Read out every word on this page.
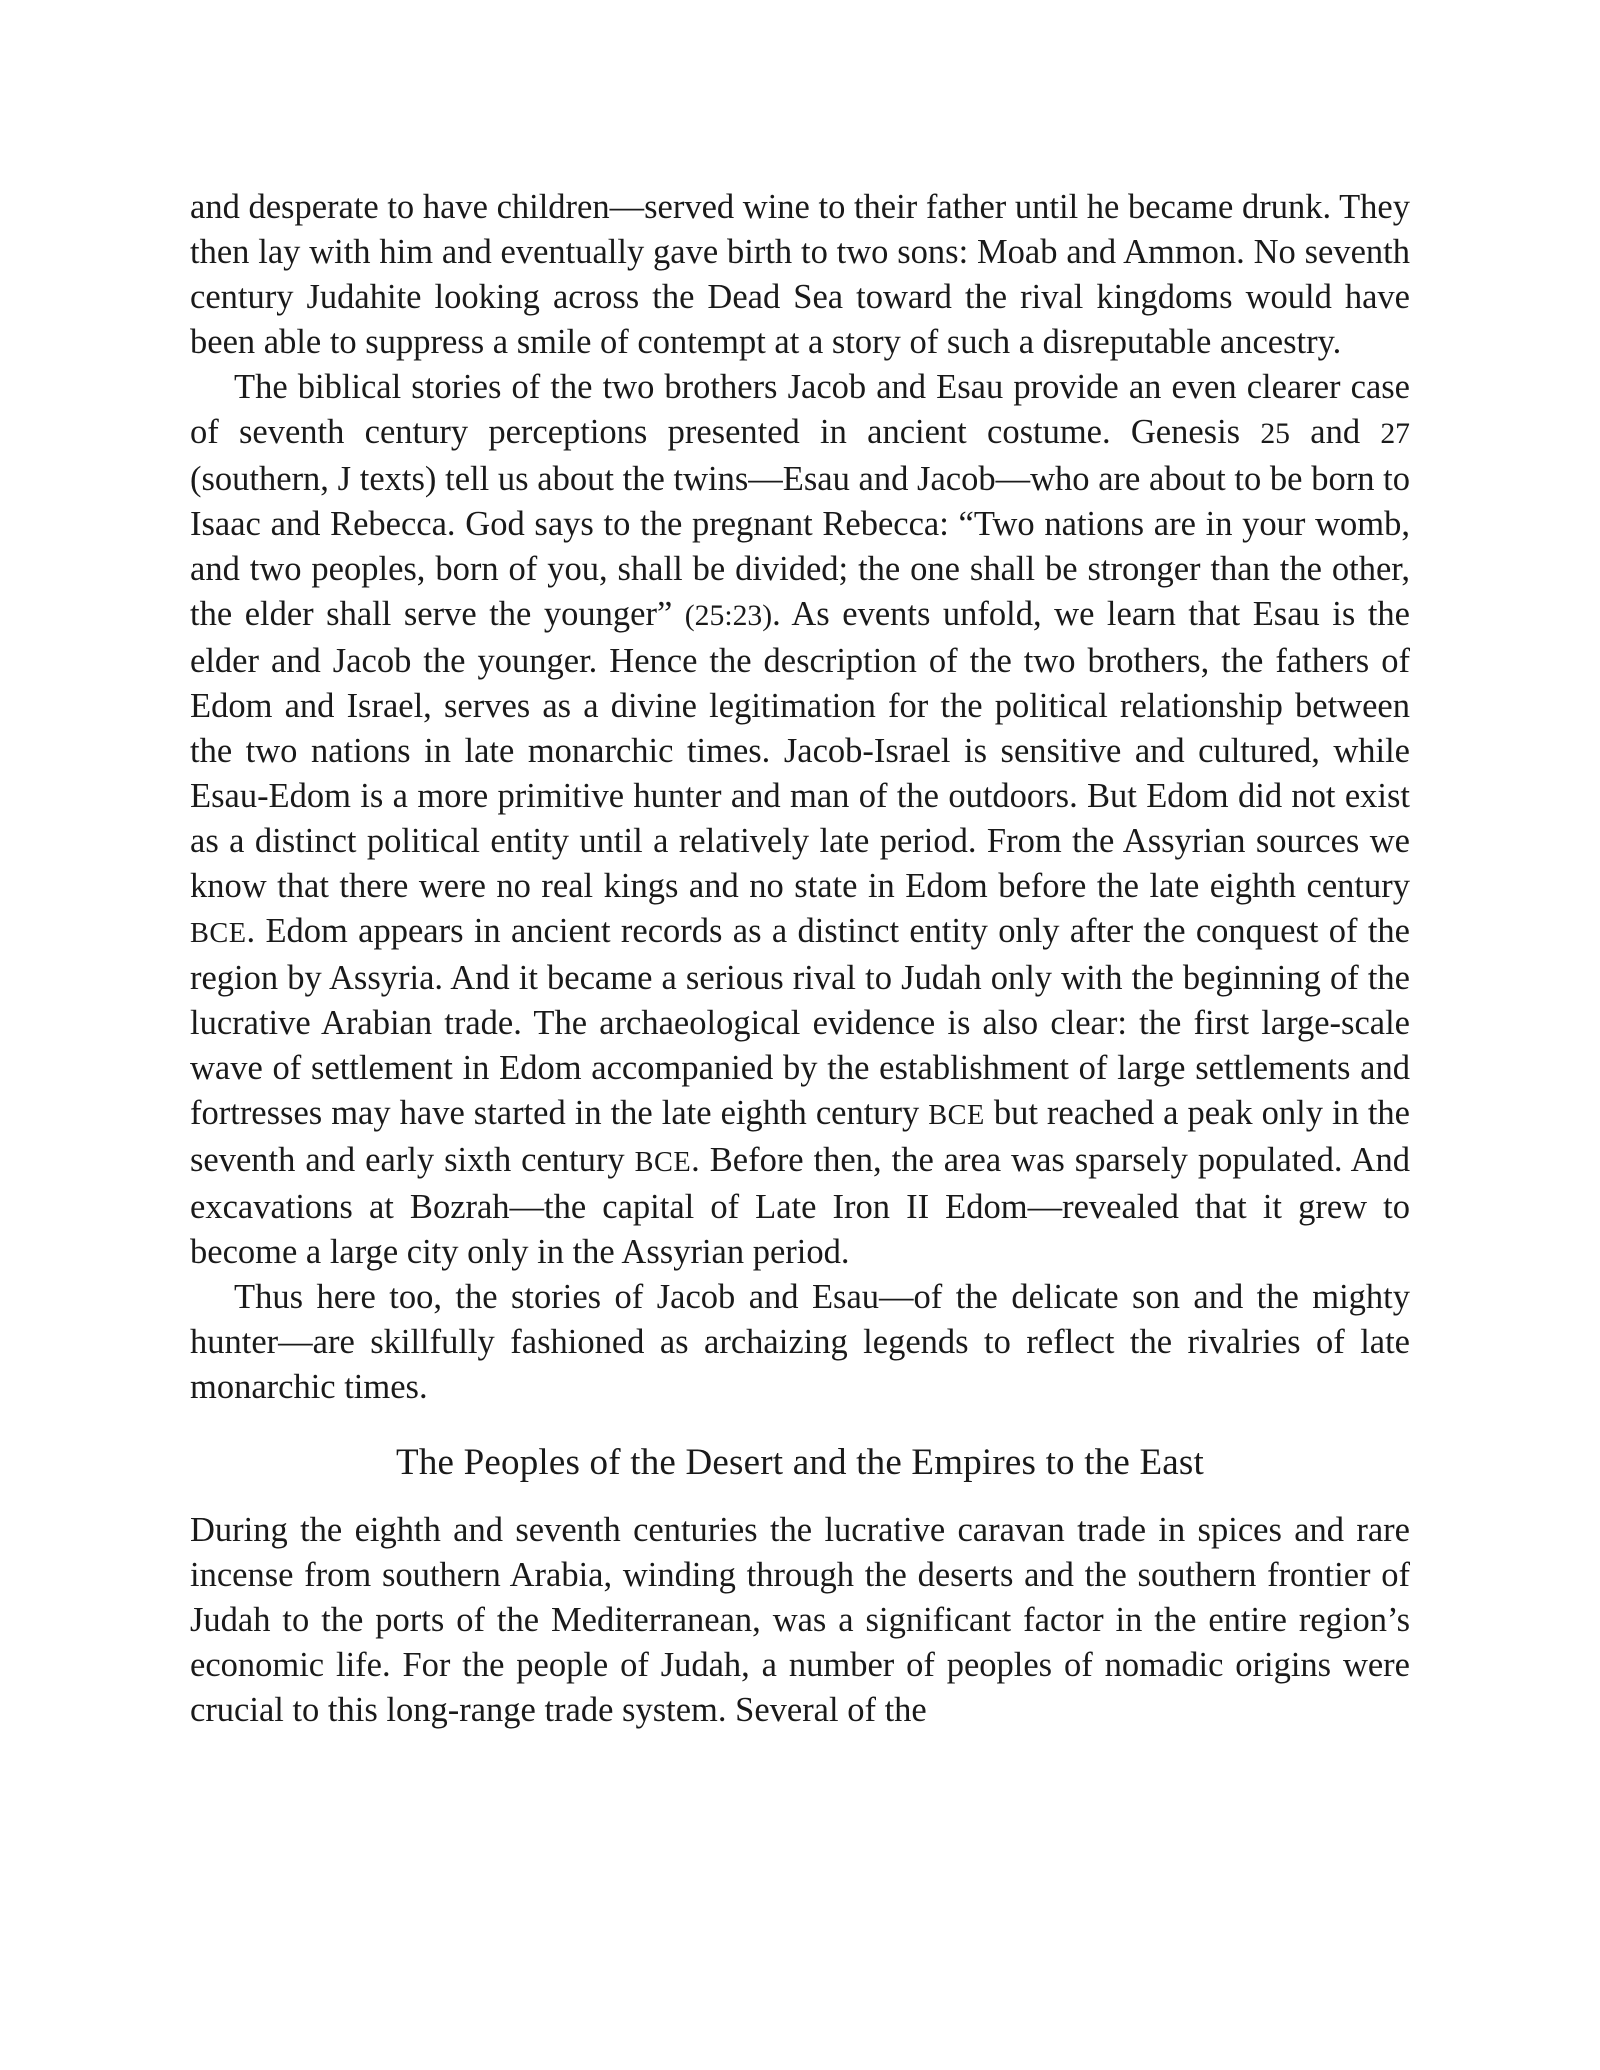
and desperate to have children—served wine to their father until he became drunk. They then lay with him and eventually gave birth to two sons: Moab and Ammon. No seventh century Judahite looking across the Dead Sea toward the rival kingdoms would have been able to suppress a smile of contempt at a story of such a disreputable ancestry.

The biblical stories of the two brothers Jacob and Esau provide an even clearer case of seventh century perceptions presented in ancient costume. Genesis 25 and 27 (southern, J texts) tell us about the twins—Esau and Jacob—who are about to be born to Isaac and Rebecca. God says to the pregnant Rebecca: “Two nations are in your womb, and two peoples, born of you, shall be divided; the one shall be stronger than the other, the elder shall serve the younger” (25:23). As events unfold, we learn that Esau is the elder and Jacob the younger. Hence the description of the two brothers, the fathers of Edom and Israel, serves as a divine legitimation for the political relationship between the two nations in late monarchic times. Jacob-Israel is sensitive and cultured, while Esau-Edom is a more primitive hunter and man of the outdoors. But Edom did not exist as a distinct political entity until a relatively late period. From the Assyrian sources we know that there were no real kings and no state in Edom before the late eighth century BCE. Edom appears in ancient records as a distinct entity only after the conquest of the region by Assyria. And it became a serious rival to Judah only with the beginning of the lucrative Arabian trade. The archaeological evidence is also clear: the first large-scale wave of settlement in Edom accompanied by the establishment of large settlements and fortresses may have started in the late eighth century BCE but reached a peak only in the seventh and early sixth century BCE. Before then, the area was sparsely populated. And excavations at Bozrah—the capital of Late Iron II Edom—revealed that it grew to become a large city only in the Assyrian period.

Thus here too, the stories of Jacob and Esau—of the delicate son and the mighty hunter—are skillfully fashioned as archaizing legends to reflect the rivalries of late monarchic times.

The Peoples of the Desert and the Empires to the East

During the eighth and seventh centuries the lucrative caravan trade in spices and rare incense from southern Arabia, winding through the deserts and the southern frontier of Judah to the ports of the Mediterranean, was a significant factor in the entire region’s economic life. For the people of Judah, a number of peoples of nomadic origins were crucial to this long-range trade system. Several of the
